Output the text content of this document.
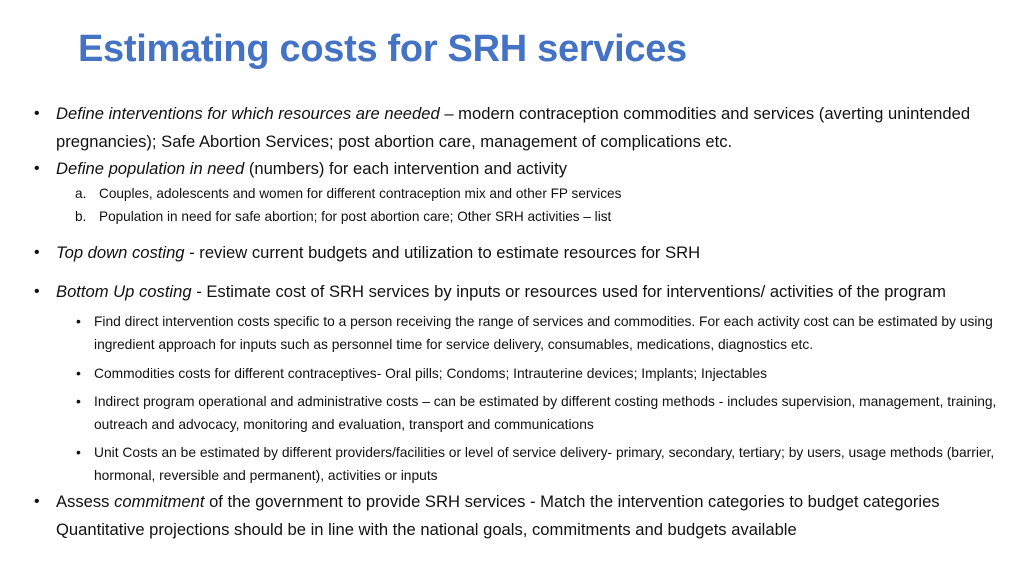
Estimating costs for SRH services
• Define interventions for which resources are needed – modern contraception commodities and services (averting unintended pregnancies); Safe Abortion Services; post abortion care, management of complications etc.
• Define population in need (numbers) for each intervention and activity
a. Couples, adolescents and women for different contraception mix and other FP services
b. Population in need for safe abortion; for post abortion care; Other SRH activities – list
• Top down costing - review current budgets and utilization to estimate resources for SRH
• Bottom Up costing - Estimate cost of SRH services by inputs or resources used for interventions/ activities of the program
• Find direct intervention costs specific to a person receiving the range of services and commodities. For each activity cost can be estimated by using ingredient approach for inputs such as personnel time for service delivery, consumables, medications, diagnostics etc.
• Commodities costs for different contraceptives- Oral pills; Condoms; Intrauterine devices; Implants; Injectables
• Indirect program operational and administrative costs – can be estimated by different costing methods - includes supervision, management, training, outreach and advocacy, monitoring and evaluation, transport and communications
• Unit Costs an be estimated by different providers/facilities or level of service delivery- primary, secondary, tertiary; by users, usage methods (barrier, hormonal, reversible and permanent), activities or inputs
• Assess commitment of the government to provide SRH services - Match the intervention categories to budget categories Quantitative projections should be in line with the national goals, commitments and budgets available
